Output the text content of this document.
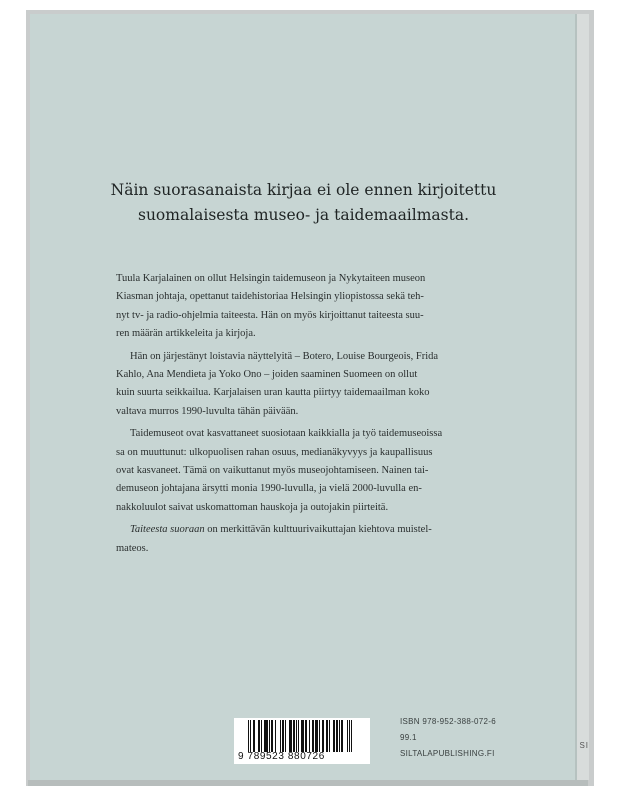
Näin suorasanaista kirjaa ei ole ennen kirjoitettu
suomalaisesta museo- ja taidemaailmasta.

Tuula Karjalainen on ollut Helsingin taidemuseon ja Nykytaiteen museon
Kiasman johtaja, opettanut taidehistoriaa Helsingin yliopistossa sekä teh-
nyt tv- ja radio-ohjelmia taiteesta. Hän on myös kirjoittanut taiteesta suu-
ren määrän artikkeleita ja kirjoja.

Hän on järjestänyt loistavia näyttelyitä – Botero, Louise Bourgeois, Frida
Kahlo, Ana Mendieta ja Yoko Ono – joiden saaminen Suomeen on ollut
kuin suurta seikkailua. Karjalaisen uran kautta piirtyy taidemaailman koko
valtava murros 1990-luvulta tähän päivään.

Taidemuseot ovat kasvattaneet suosiotaan kaikkialla ja työ taidemuseoissa
sa on muuttunut: ulkopuolisen rahan osuus, medianäkyvyys ja kaupallisuus
ovat kasvaneet. Tämä on vaikuttanut myös museojohtamiseen. Nainen tai-
demuseon johtajana ärsytti monia 1990-luvulla, ja vielä 2000-luvulla en-
nakkoluulot saivat uskomattoman hauskoja ja outojakin piirteitä.

Taiteesta suoraan on merkittävän kulttuurivaikuttajan kiehtova muistel-
mateos.

9 789523 880726
ISBN 978-952-388-072-6
99.1
SILTALAPUBLISHING.FI
SI
